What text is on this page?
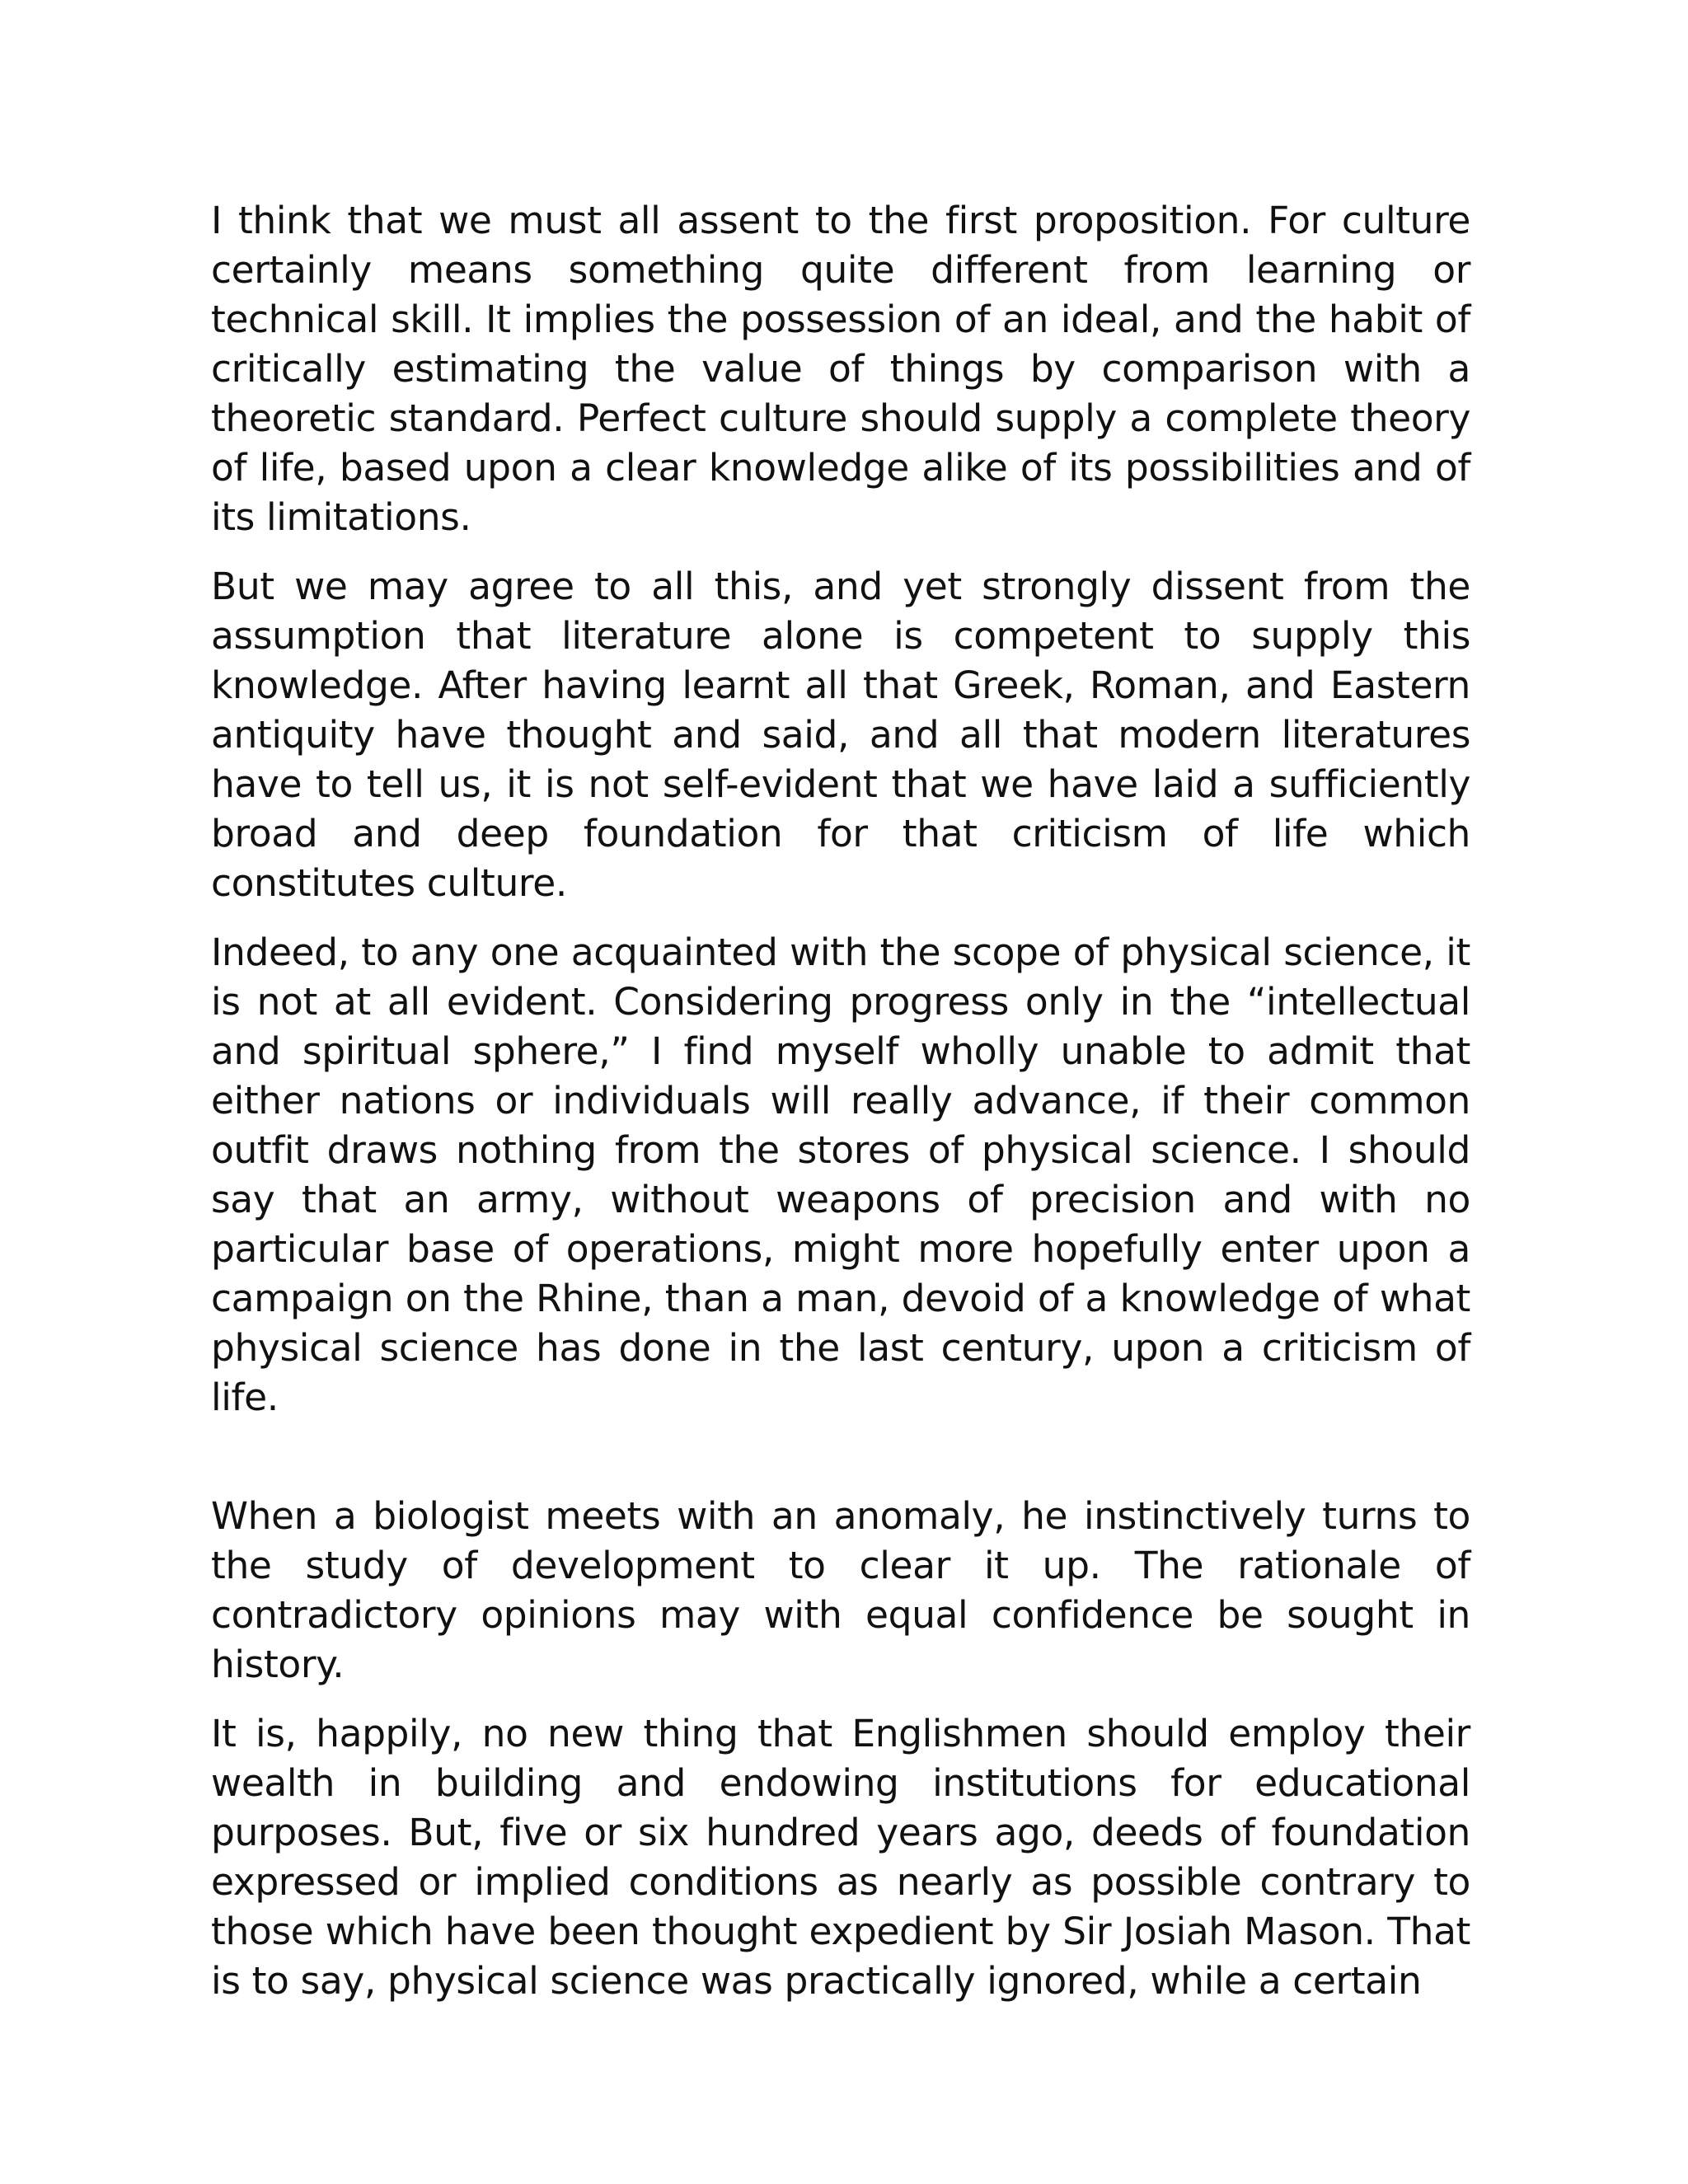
I think that we must all assent to the first proposition. For culture certainly means something quite different from learning or technical skill. It implies the possession of an ideal, and the habit of critically estimating the value of things by comparison with a theoretic standard. Perfect culture should supply a complete theory of life, based upon a clear knowledge alike of its possibilities and of its limitations.

But we may agree to all this, and yet strongly dissent from the assumption that literature alone is competent to supply this knowledge. After having learnt all that Greek, Roman, and Eastern antiquity have thought and said, and all that modern literatures have to tell us, it is not self-evident that we have laid a sufficiently broad and deep foundation for that criticism of life which constitutes culture.

Indeed, to any one acquainted with the scope of physical science, it is not at all evident. Considering progress only in the “intellectual and spiritual sphere,” I find myself wholly unable to admit that either nations or individuals will really advance, if their common outfit draws nothing from the stores of physical science. I should say that an army, without weapons of precision and with no particular base of operations, might more hopefully enter upon a campaign on the Rhine, than a man, devoid of a knowledge of what physical science has done in the last century, upon a criticism of life.

When a biologist meets with an anomaly, he instinctively turns to the study of development to clear it up. The rationale of contradictory opinions may with equal confidence be sought in history.

It is, happily, no new thing that Englishmen should employ their wealth in building and endowing institutions for educational purposes. But, five or six hundred years ago, deeds of foundation expressed or implied conditions as nearly as possible contrary to those which have been thought expedient by Sir Josiah Mason. That is to say, physical science was practically ignored, while a certain
